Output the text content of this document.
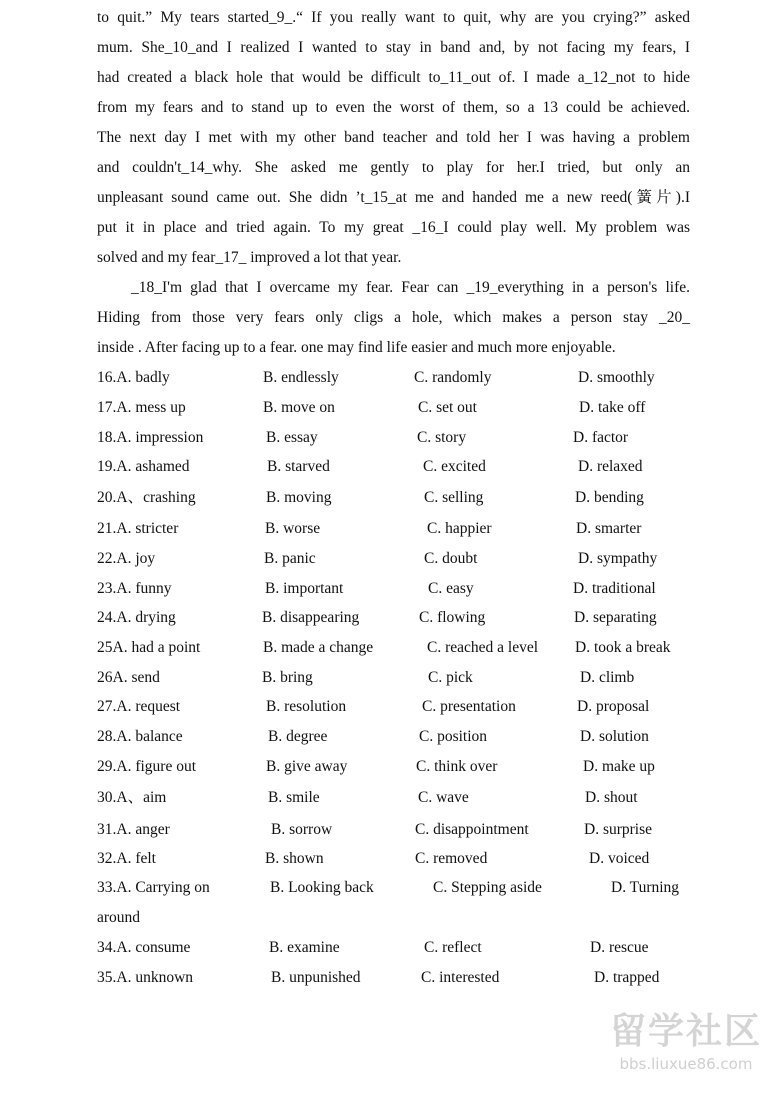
to quit.” My tears started_9_.“ If you really want to quit, why are you crying?” asked
mum. She_10_and I realized I wanted to stay in band and, by not facing my fears, I
had created a black hole that would be difficult to_11_out of. I made a_12_not to hide
from my fears and to stand up to even the worst of them, so a 13 could be achieved.
The next day I met with my other band teacher and told her I was having a problem
and couldn't_14_why. She asked me gently to play for her.I tried, but only an
unpleasant sound came out. She didn ’t_15_at me and handed me a new reed(簧片).I
put it in place and tried again. To my great _16_I could play well. My problem was
solved and my fear_17_ improved a lot that year.
_18_I'm glad that I overcame my fear. Fear can _19_everything in a person's life.
Hiding from those very fears only cligs a hole, which makes a person stay _20_
inside . After facing up to a fear. one may find life easier and much more enjoyable.
16.A. badly	B. endlessly	C. randomly	D. smoothly
17.A. mess up	B. move on	C. set out	D. take off
18.A. impression	B. essay	C. story	D. factor
19.A. ashamed	B. starved	C. excited	D. relaxed
20.A、crashing	B. moving	C. selling	D. bending
21.A. stricter	B. worse	C. happier	D. smarter
22.A. joy	B. panic	C. doubt	D. sympathy
23.A. funny	B. important	C. easy	D. traditional
24.A. drying	B. disappearing	C. flowing	D. separating
25A. had a point	B. made a change	C. reached a level D. took a break
26A. send	B. bring	C. pick	D. climb
27.A. request	B. resolution	C. presentation	D. proposal
28.A. balance	B. degree	C. position	D. solution
29.A. figure out	B. give away	C. think over	D. make up
30.A、aim	B. smile	C. wave	D. shout
31.A. anger	B. sorrow	C. disappointment	D. surprise
32.A. felt	B. shown	C. removed	D. voiced
33.A. Carrying on	B. Looking back	C. Stepping aside	D. Turning
around
34.A. consume	B. examine	C. reflect	D. rescue
35.A. unknown	B. unpunished	C. interested	D. trapped
留学社区
bbs.liuxue86.com
